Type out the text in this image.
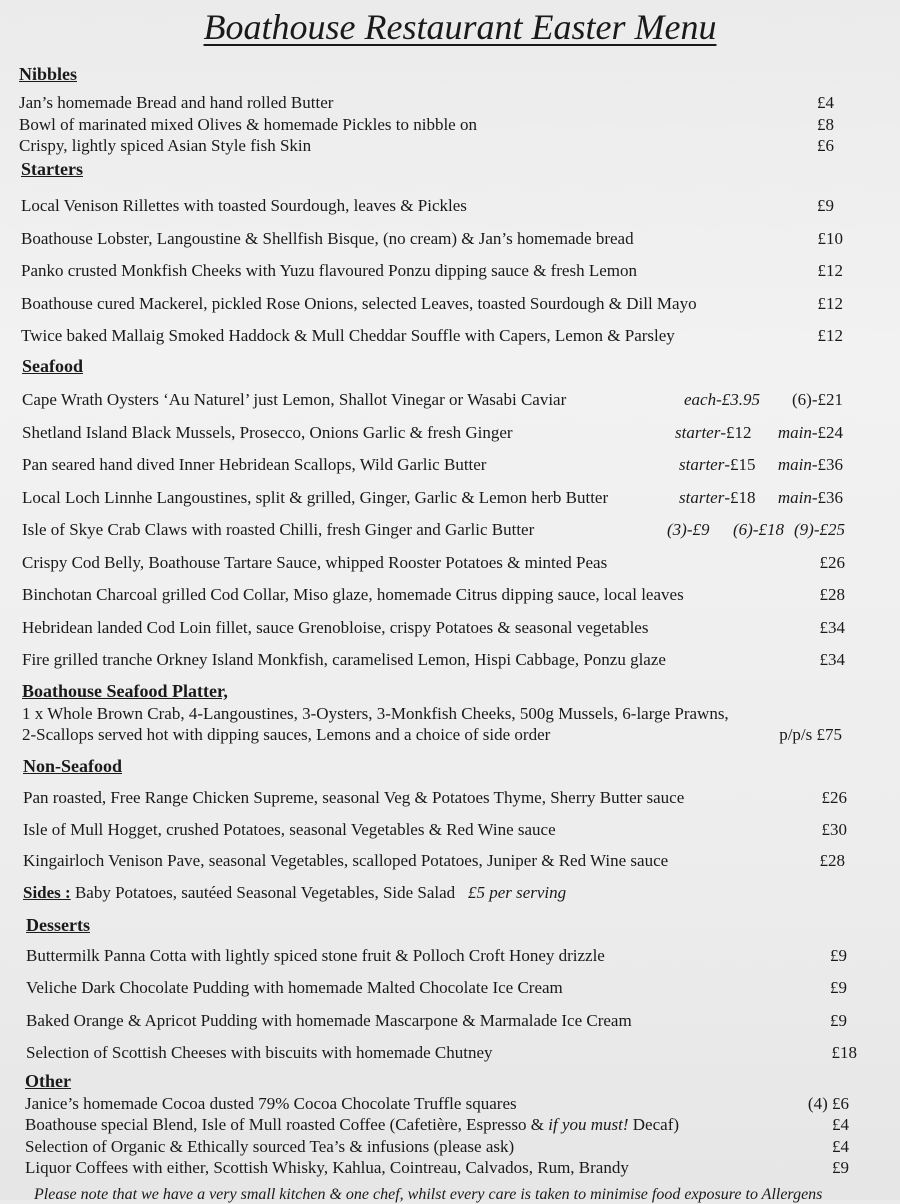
Boathouse Restaurant Easter Menu
Nibbles
Jan’s homemade Bread and hand rolled Butter	£4
Bowl of marinated mixed Olives & homemade Pickles to nibble on	£8
Crispy, lightly spiced Asian Style fish Skin	£6
Starters
Local Venison Rillettes with toasted Sourdough, leaves & Pickles	£9
Boathouse Lobster, Langoustine & Shellfish Bisque, (no cream) & Jan’s homemade bread	£10
Panko crusted Monkfish Cheeks with Yuzu flavoured Ponzu dipping sauce & fresh Lemon	£12
Boathouse cured Mackerel, pickled Rose Onions, selected Leaves, toasted Sourdough & Dill Mayo	£12
Twice baked Mallaig Smoked Haddock & Mull Cheddar Souffle with Capers, Lemon & Parsley	£12
Seafood
Cape Wrath Oysters ‘Au Naturel’ just Lemon, Shallot Vinegar or Wasabi Caviar	each-£3.95 (6)-£21
Shetland Island Black Mussels, Prosecco, Onions Garlic & fresh Ginger	starter-£12 main-£24
Pan seared hand dived Inner Hebridean Scallops, Wild Garlic Butter	starter-£15 main-£36
Local Loch Linnhe Langoustines, split & grilled, Ginger, Garlic & Lemon herb Butter	starter-£18 main-£36
Isle of Skye Crab Claws with roasted Chilli, fresh Ginger and Garlic Butter	(3)-£9 (6)-£18 (9)-£25
Crispy Cod Belly, Boathouse Tartare Sauce, whipped Rooster Potatoes & minted Peas	£26
Binchotan Charcoal grilled Cod Collar, Miso glaze, homemade Citrus dipping sauce, local leaves	£28
Hebridean landed Cod Loin fillet, sauce Grenobloise, crispy Potatoes & seasonal vegetables	£34
Fire grilled tranche Orkney Island Monkfish, caramelised Lemon, Hispi Cabbage, Ponzu glaze	£34
Boathouse Seafood Platter,
1 x Whole Brown Crab, 4-Langoustines, 3-Oysters, 3-Monkfish Cheeks, 500g Mussels, 6-large Prawns,
2-Scallops served hot with dipping sauces, Lemons and a choice of side order	p/p/s £75
Non-Seafood
Pan roasted, Free Range Chicken Supreme, seasonal Veg & Potatoes Thyme, Sherry Butter sauce	£26
Isle of Mull Hogget, crushed Potatoes, seasonal Vegetables & Red Wine sauce	£30
Kingairloch Venison Pave, seasonal Vegetables, scalloped Potatoes, Juniper & Red Wine sauce	£28
Sides : Baby Potatoes, sautéed Seasonal Vegetables, Side Salad £5 per serving
Desserts
Buttermilk Panna Cotta with lightly spiced stone fruit & Polloch Croft Honey drizzle	£9
Veliche Dark Chocolate Pudding with homemade Malted Chocolate Ice Cream	£9
Baked Orange & Apricot Pudding with homemade Mascarpone & Marmalade Ice Cream	£9
Selection of Scottish Cheeses with biscuits with homemade Chutney	£18
Other
Janice’s homemade Cocoa dusted 79% Cocoa Chocolate Truffle squares	(4) £6
Boathouse special Blend, Isle of Mull roasted Coffee (Cafetière, Espresso & if you must! Decaf)	£4
Selection of Organic & Ethically sourced Tea’s & infusions (please ask)	£4
Liquor Coffees with either, Scottish Whisky, Kahlua, Cointreau, Calvados, Rum, Brandy	£9
Please note that we have a very small kitchen & one chef, whilst every care is taken to minimise food exposure to Allergens
